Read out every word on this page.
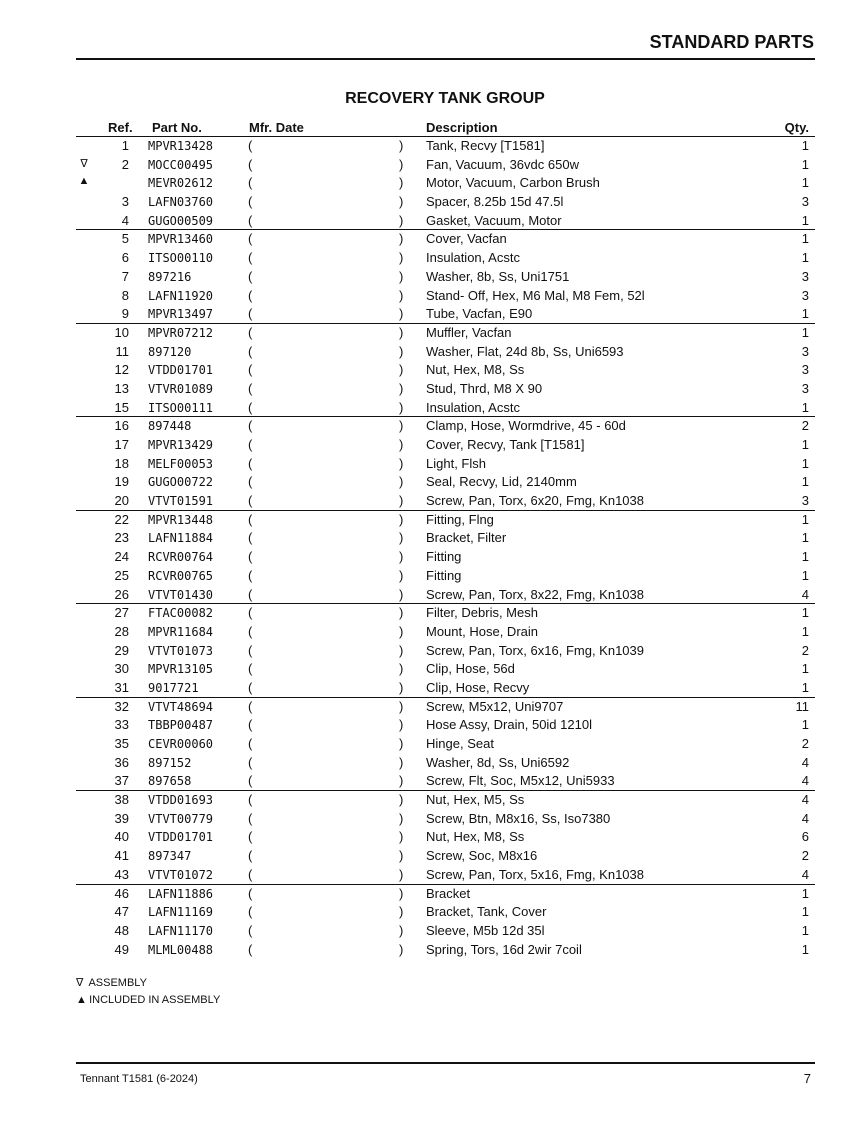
STANDARD PARTS
RECOVERY TANK GROUP
Ref. Part No.	Mfr. Date	Description	Qty.
1 MPVR13428	(	) Tank, Recvy [T1581]	1
∇	2 MOCC00495	(	) Fan, Vacuum, 36vdc 650w	1
▲	MEVR02612	(	) Motor, Vacuum, Carbon Brush	1
3 LAFN03760	(	) Spacer, 8.25b 15d 47.5l	3
4 GUGO00509	(	) Gasket, Vacuum, Motor	1
5 MPVR13460	(	) Cover, Vacfan	1
6 ITSO00110	(	) Insulation, Acstc	1
7 897216	(	) Washer, 8b, Ss, Uni1751	3
8 LAFN11920	(	) Stand- Off, Hex, M6 Mal, M8 Fem, 52l	3
9 MPVR13497	(	) Tube, Vacfan, E90	1
10 MPVR07212	(	) Muffler, Vacfan	1
11 897120	(	) Washer, Flat, 24d 8b, Ss, Uni6593	3
12 VTDD01701	(	) Nut, Hex, M8, Ss	3
13 VTVR01089	(	) Stud, Thrd, M8 X 90	3
15 ITSO00111	(	) Insulation, Acstc	1
16 897448	(	) Clamp, Hose, Wormdrive, 45 - 60d	2
17 MPVR13429	(	) Cover, Recvy, Tank [T1581]	1
18 MELF00053	(	) Light, Flsh	1
19 GUGO00722	(	) Seal, Recvy, Lid, 2140mm	1
20 VTVT01591	(	) Screw, Pan, Torx, 6x20, Fmg, Kn1038	3
22 MPVR13448	(	) Fitting, Flng	1
23 LAFN11884	(	) Bracket, Filter	1
24 RCVR00764	(	) Fitting	1
25 RCVR00765	(	) Fitting	1
26 VTVT01430	(	) Screw, Pan, Torx, 8x22, Fmg, Kn1038	4
27 FTAC00082	(	) Filter, Debris, Mesh	1
28 MPVR11684	(	) Mount, Hose, Drain	1
29 VTVT01073	(	) Screw, Pan, Torx, 6x16, Fmg, Kn1039	2
30 MPVR13105	(	) Clip, Hose, 56d	1
31 9017721	(	) Clip, Hose, Recvy	1
32 VTVT48694	(	) Screw, M5x12, Uni9707	11
33 TBBP00487	(	) Hose Assy, Drain, 50id 1210l	1
35 CEVR00060	(	) Hinge, Seat	2
36 897152	(	) Washer, 8d, Ss, Uni6592	4
37 897658	(	) Screw, Flt, Soc, M5x12, Uni5933	4
38 VTDD01693	(	) Nut, Hex, M5, Ss	4
39 VTVT00779	(	) Screw, Btn, M8x16, Ss, Iso7380	4
40 VTDD01701	(	) Nut, Hex, M8, Ss	6
41 897347	(	) Screw, Soc, M8x16	2
43 VTVT01072	(	) Screw, Pan, Torx, 5x16, Fmg, Kn1038	4
46 LAFN11886	(	) Bracket	1
47 LAFN11169	(	) Bracket, Tank, Cover	1
48 LAFN11170	(	) Sleeve, M5b 12d 35l	1
49 MLML00488	(	) Spring, Tors, 16d 2wir 7coil	1
∇ ASSEMBLY
▲ INCLUDED IN ASSEMBLY
Tennant T1581 (6-2024)	7
